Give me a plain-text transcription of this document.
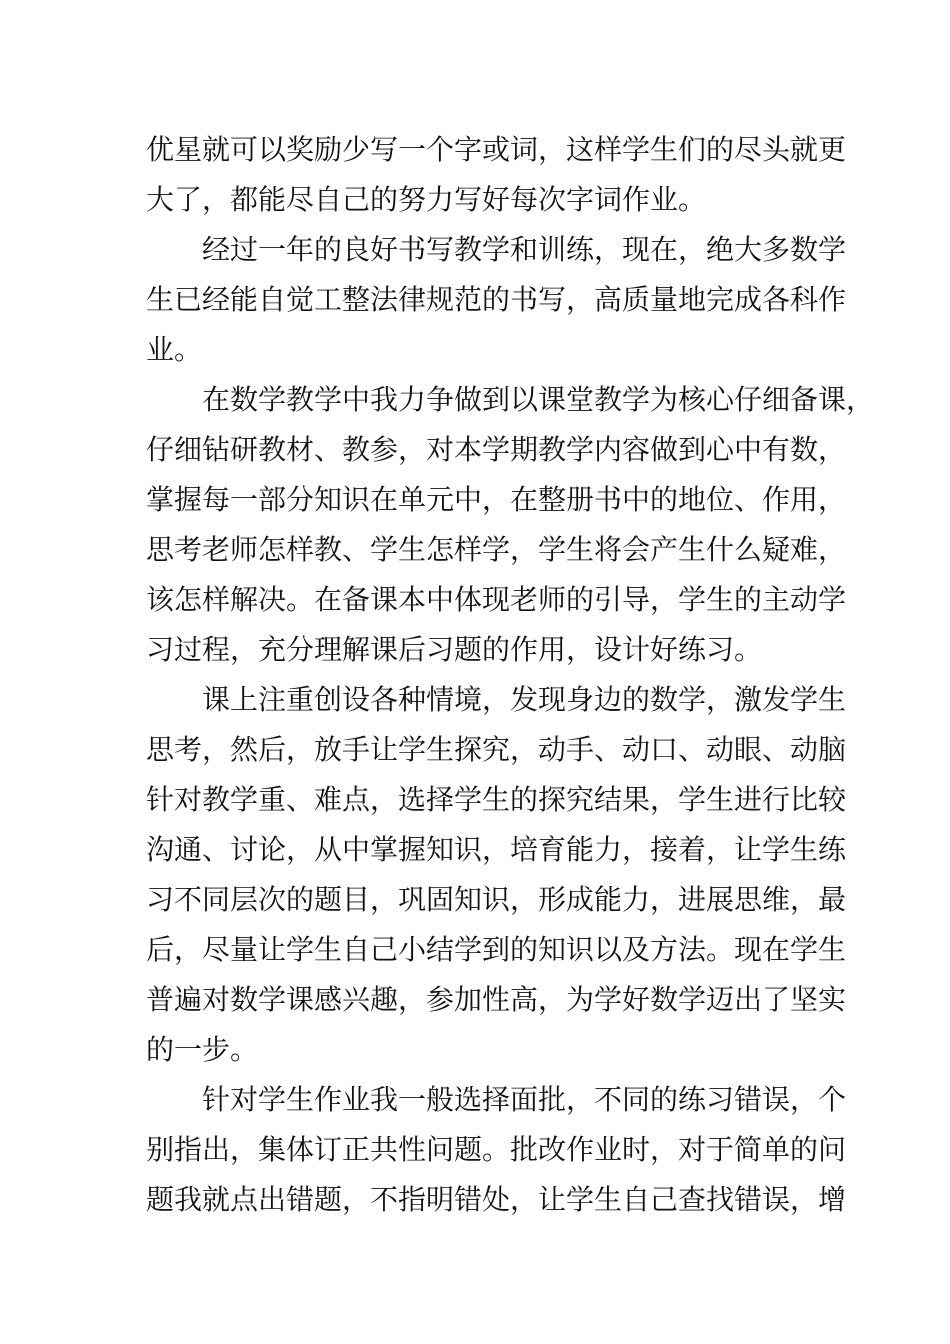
优星就可以奖励少写一个字或词，这样学生们的尽头就更
大了，都能尽自己的努力写好每次字词作业。
经过一年的良好书写教学和训练，现在，绝大多数学
生已经能自觉工整法律规范的书写，高质量地完成各科作
业。
在数学教学中我力争做到以课堂教学为核心仔细备课，
仔细钻研教材、教参，对本学期教学内容做到心中有数，
掌握每一部分知识在单元中，在整册书中的地位、作用，
思考老师怎样教、学生怎样学，学生将会产生什么疑难，
该怎样解决。在备课本中体现老师的引导，学生的主动学
习过程，充分理解课后习题的作用，设计好练习。
课上注重创设各种情境，发现身边的数学，激发学生
思考，然后，放手让学生探究，动手、动口、动眼、动脑
针对教学重、难点，选择学生的探究结果，学生进行比较
沟通、讨论，从中掌握知识，培育能力，接着，让学生练
习不同层次的题目，巩固知识，形成能力，进展思维，最
后，尽量让学生自己小结学到的知识以及方法。现在学生
普遍对数学课感兴趣，参加性高，为学好数学迈出了坚实
的一步。
针对学生作业我一般选择面批，不同的练习错误，个
别指出，集体订正共性问题。批改作业时，对于简单的问
题我就点出错题，不指明错处，让学生自己查找错误，增
